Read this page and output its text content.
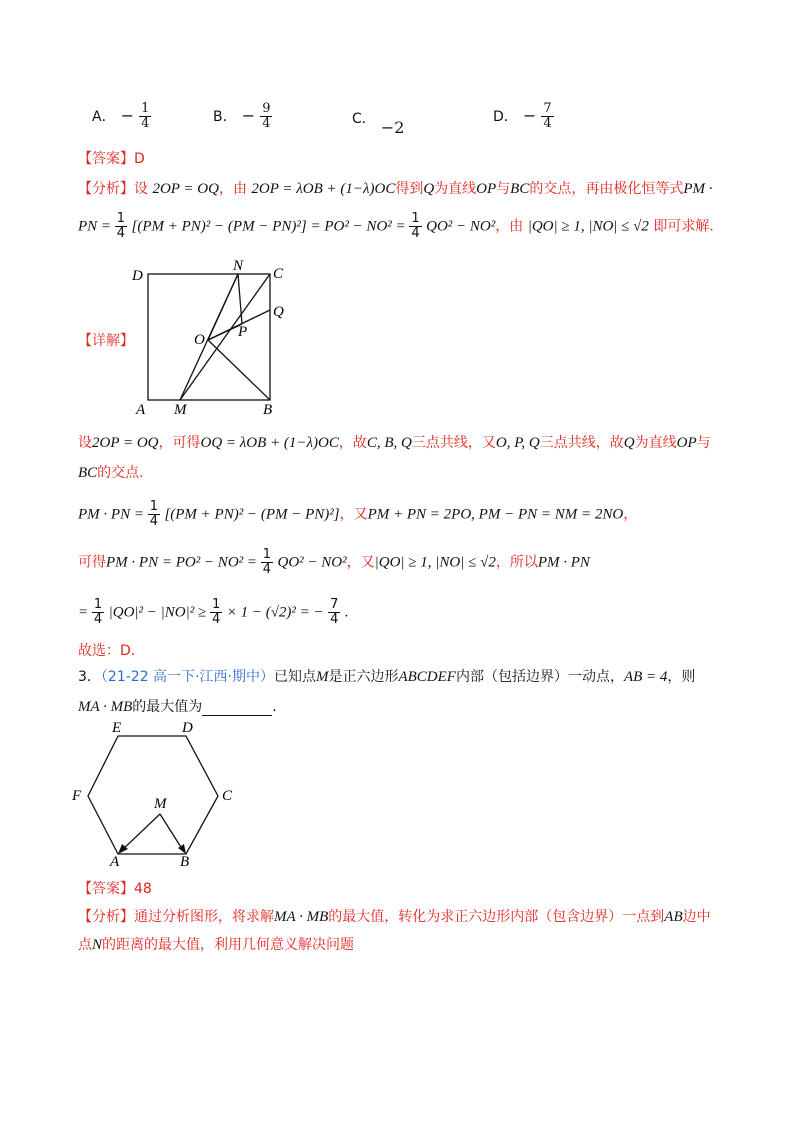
A． − $\frac{1}{4}$	B． − $\frac{9}{4}$	C． −2
D． − $\frac{7}{4}$
【答案】D
【分析】设 2OP = OQ，由 2OP = λOB + (1−λ)OC得到Q为直线OP与BC的交点，再由极化恒等式PM ·
PN = $\frac{1}{4} [(PM + PN)^2 - (PM - PN)^2] = PO^2 - NO^2 = \frac{1}{4} QO^2 - NO^2$，由 |QO| ≥ 1, |NO| ≤ √2 即可求解.
【详解】
D
N C
Q
O P
A M	B
设2OP = OQ，可得OQ = λOB + (1−λ)OC，故C, B, Q三点共线，又O, P, Q三点共线，故Q为直线OP与
BC的交点.
PM · PN = $\frac{1}{4} [(PM + PN)^2 - (PM - PN)^2]$，又PM + PN = 2PO, PM − PN = NM = 2NO，
可得PM · PN = $PO^2 - NO^2 = \frac{1}{4} QO^2 - NO^2$，又|QO| ≥ 1, |NO| ≤ √2，所以PM · PN
= $\frac{1}{4} |QO|^2 - |NO|^2 \ge \frac{1}{4} \times 1 - (√2)^2$ = − $\frac{7}{4}$ .
故选：D.
3．（21-22 高一下·江西·期中）已知点M是正六边形ABCDEF内部（包括边界）一动点，AB = 4，则
MA · MB的最大值为	.
E	D
F	C
M
A	B
【答案】48
【分析】通过分析图形，将求解MA · MB的最大值，转化为求正六边形内部（包含边界）一点到AB边中
点N的距离的最大值，利用几何意义解决问题
